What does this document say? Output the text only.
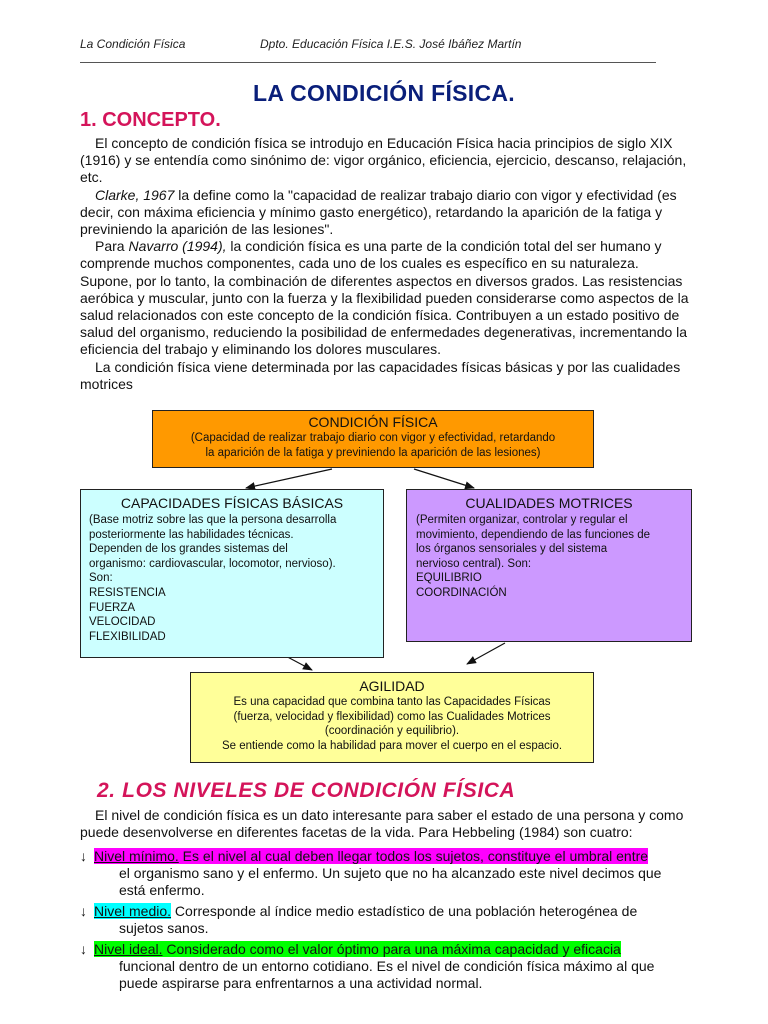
La Condición Física	Dpto. Educación Física I.E.S. José Ibáñez Martín
LA CONDICIÓN FÍSICA.
1. CONCEPTO.

El concepto de condición física se introdujo en Educación Física hacia principios de siglo XIX (1916) y se entendía como sinónimo de: vigor orgánico, eficiencia, ejercicio, descanso, relajación, etc.

Clarke, 1967 la define como la "capacidad de realizar trabajo diario con vigor y efectividad (es decir, con máxima eficiencia y mínimo gasto energético), retardando la aparición de la fatiga y previniendo la aparición de las lesiones".

Para Navarro (1994), la condición física es una parte de la condición total del ser humano y comprende muchos componentes, cada uno de los cuales es específico en su naturaleza. Supone, por lo tanto, la combinación de diferentes aspectos en diversos grados. Las resistencias aeróbica y muscular, junto con la fuerza y la flexibilidad pueden considerarse como aspectos de la salud relacionados con este concepto de la condición física. Contribuyen a un estado positivo de salud del organismo, reduciendo la posibilidad de enfermedades degenerativas, incrementando la eficiencia del trabajo y eliminando los dolores musculares.

La condición física viene determinada por las capacidades físicas básicas y por las cualidades motrices

CONDICIÓN FÍSICA
(Capacidad de realizar trabajo diario con vigor y efectividad, retardando
la aparición de la fatiga y previniendo la aparición de las lesiones)
CAPACIDADES FÍSICAS BÁSICAS
(Base motriz sobre las que la persona desarrolla
posteriormente las habilidades técnicas.
Dependen de los grandes sistemas del
organismo: cardiovascular, locomotor, nervioso).
Son:
RESISTENCIA
FUERZA
VELOCIDAD
FLEXIBILIDAD
CUALIDADES MOTRICES
(Permiten organizar, controlar y regular el
movimiento, dependiendo de las funciones de
los órganos sensoriales y del sistema
nervioso central). Son:
EQUILIBRIO
COORDINACIÓN
AGILIDAD
Es una capacidad que combina tanto las Capacidades Físicas
(fuerza, velocidad y flexibilidad) como las Cualidades Motrices
(coordinación y equilibrio).
Se entiende como la habilidad para mover el cuerpo en el espacio.
2. LOS NIVELES DE CONDICIÓN FÍSICA

El nivel de condición física es un dato interesante para saber el estado de una persona y como puede desenvolverse en diferentes facetas de la vida. Para Hebbeling (1984) son cuatro:

↓ Nivel mínimo. Es el nivel al cual deben llegar todos los sujetos, constituye el umbral entre
el organismo sano y el enfermo. Un sujeto que no ha alcanzado este nivel decimos que está enfermo.
↓ Nivel medio. Corresponde al índice medio estadístico de una población heterogénea de
sujetos sanos.
↓ Nivel ideal. Considerado como el valor óptimo para una máxima capacidad y eficacia
funcional dentro de un entorno cotidiano. Es el nivel de condición física máximo al que puede aspirarse para enfrentarnos a una actividad normal.
